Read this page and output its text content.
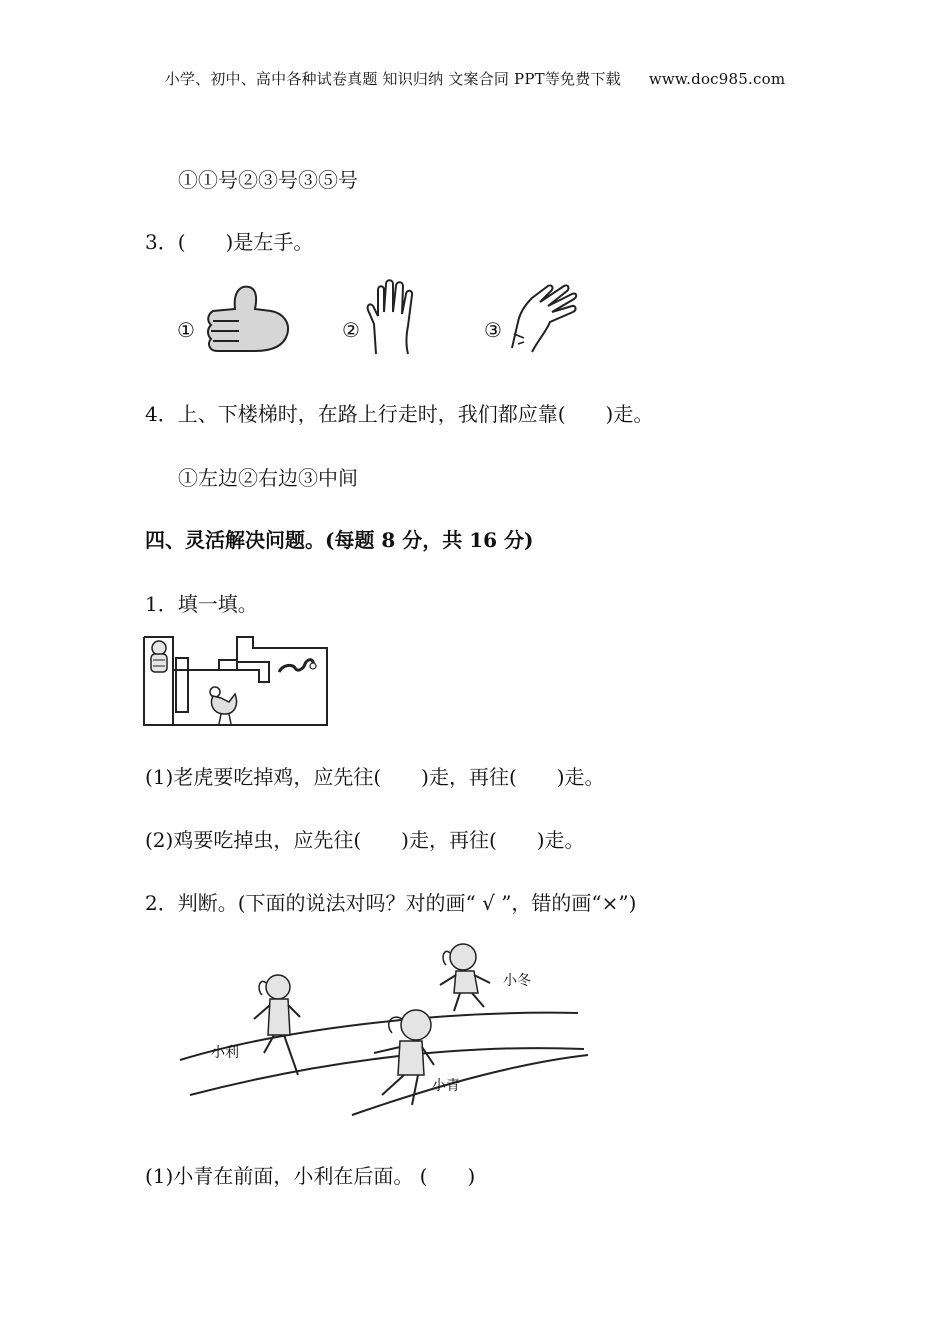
小学、初中、高中各种试卷真题 知识归纳 文案合同 PPT等免费下载 www.doc985.com
①①号②③号③⑤号
3．( )是左手。
①	②	③
4．上、下楼梯时，在路上行走时，我们都应靠( )走。
①左边②右边③中间
四、灵活解决问题。(每题 8 分，共 16 分)
1．填一填。
(1)老虎要吃掉鸡，应先往( )走，再往( )走。
(2)鸡要吃掉虫，应先往( )走，再往( )走。
2．判断。(下面的说法对吗？对的画“ √ ”，错的画“×”)
小冬
小利
小青
(1)小青在前面，小利在后面。 ( )
